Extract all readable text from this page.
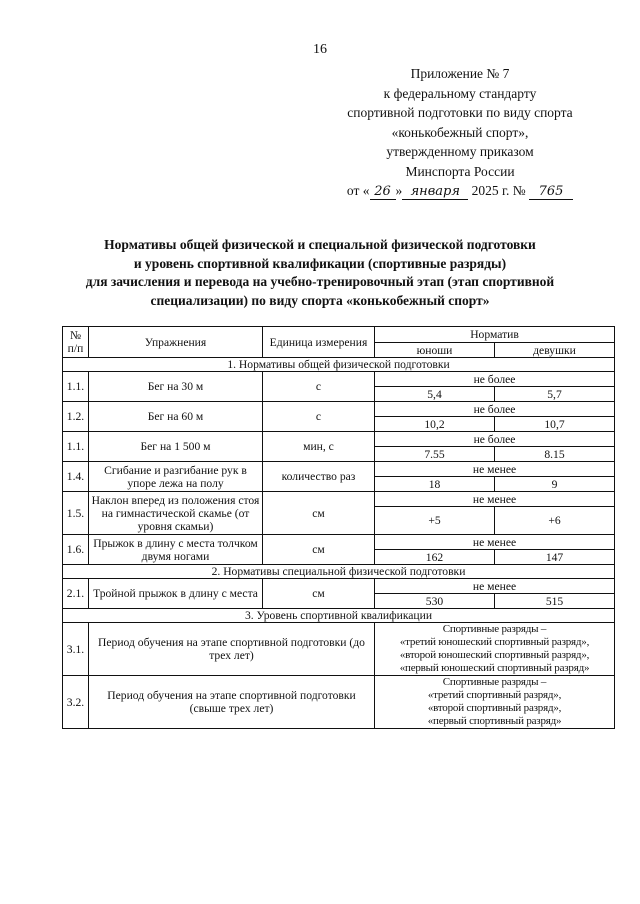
16
Приложение № 7
к федеральному стандарту
спортивной подготовки по виду спорта
«конькобежный спорт»,
утвержденному приказом
Минспорта России
от « 26 » января 2025 г. № 765
Нормативы общей физической и специальной физической подготовки
и уровень спортивной квалификации (спортивные разряды)
для зачисления и перевода на учебно-тренировочный этап (этап спортивной
специализации) по виду спорта «конькобежный спорт»
№ п/п	Упражнения	Единица измерения	Норматив	
			юноши	девушки
1. Нормативы общей физической подготовки				
1.1.	Бег на 30 м	с	не более	
			5,4	5,7
1.2.	Бег на 60 м	с	не более	
			10,2	10,7
1.1.	Бег на 1 500 м	мин, с	не более	
			7.55	8.15
1.4.	Сгибание и разгибание рук в упоре лежа на полу	количество раз	не менее	
			18	9
1.5.	Наклон вперед из положения стоя на гимнастической скамье (от уровня скамьи)	см	не менее	
			+5	+6
1.6.	Прыжок в длину с места толчком двумя ногами	см	не менее	
			162	147
2. Нормативы специальной физической подготовки				
2.1.	Тройной прыжок в длину с места	см	не менее	
			530	515
3. Уровень спортивной квалификации				
3.1.	Период обучения на этапе спортивной подготовки (до трех лет)		Спортивные разряды –
«третий юношеский спортивный разряд»,
«второй юношеский спортивный разряд»,
«первый юношеский спортивный разряд»	

3.2.	Период обучения на этапе спортивной подготовки (свыше трех лет)		Спортивные разряды –
«третий спортивный разряд»,
«второй спортивный разряд»,
«первый спортивный разряд»	
